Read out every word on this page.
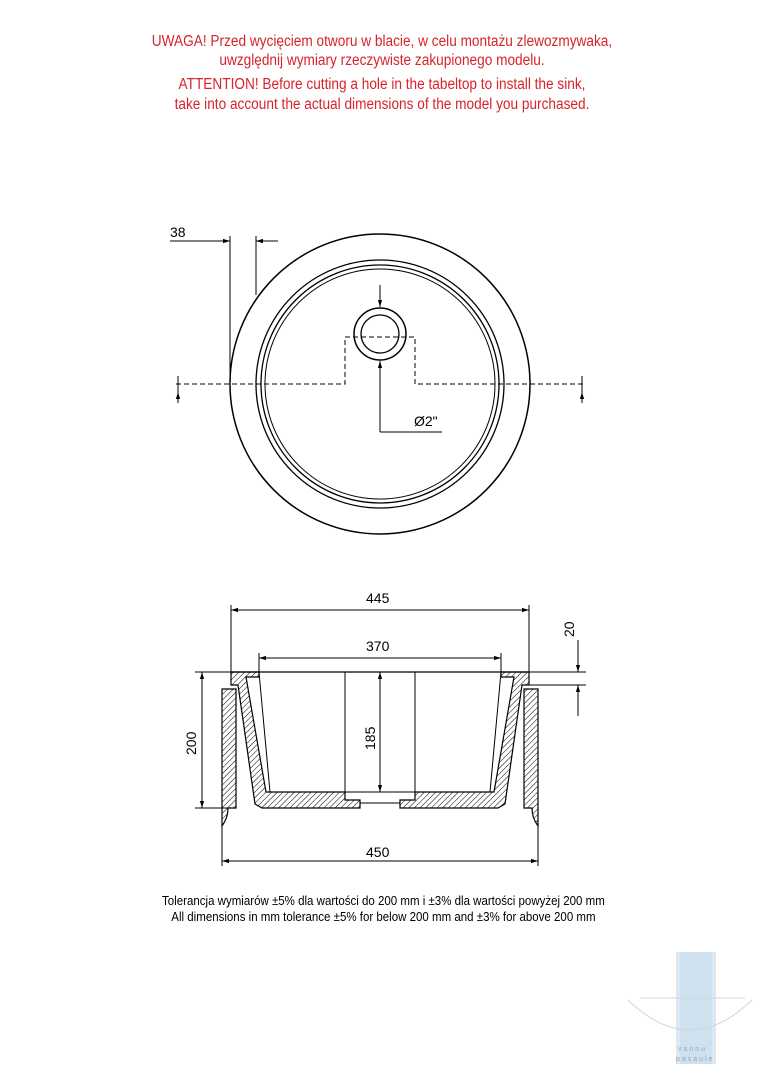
UWAGA! Przed wycięciem otworu w blacie, w celu montażu zlewozmywaka,
uwzględnij wymiary rzeczywiste zakupionego modelu.
ATTENTION! Before cutting a hole in the tabeltop to install the sink,
take into account the actual dimensions of the model you purchased.
Ø2"
38
445
370
450
200	185
20
Tolerancja wymiarów ±5% dla wartości do 200 mm i ±3% dla wartości powyżej 200 mm
All dimensions in mm tolerance ±5% for below 200 mm and ±3% for above 200 mm
vannu
pasaule
